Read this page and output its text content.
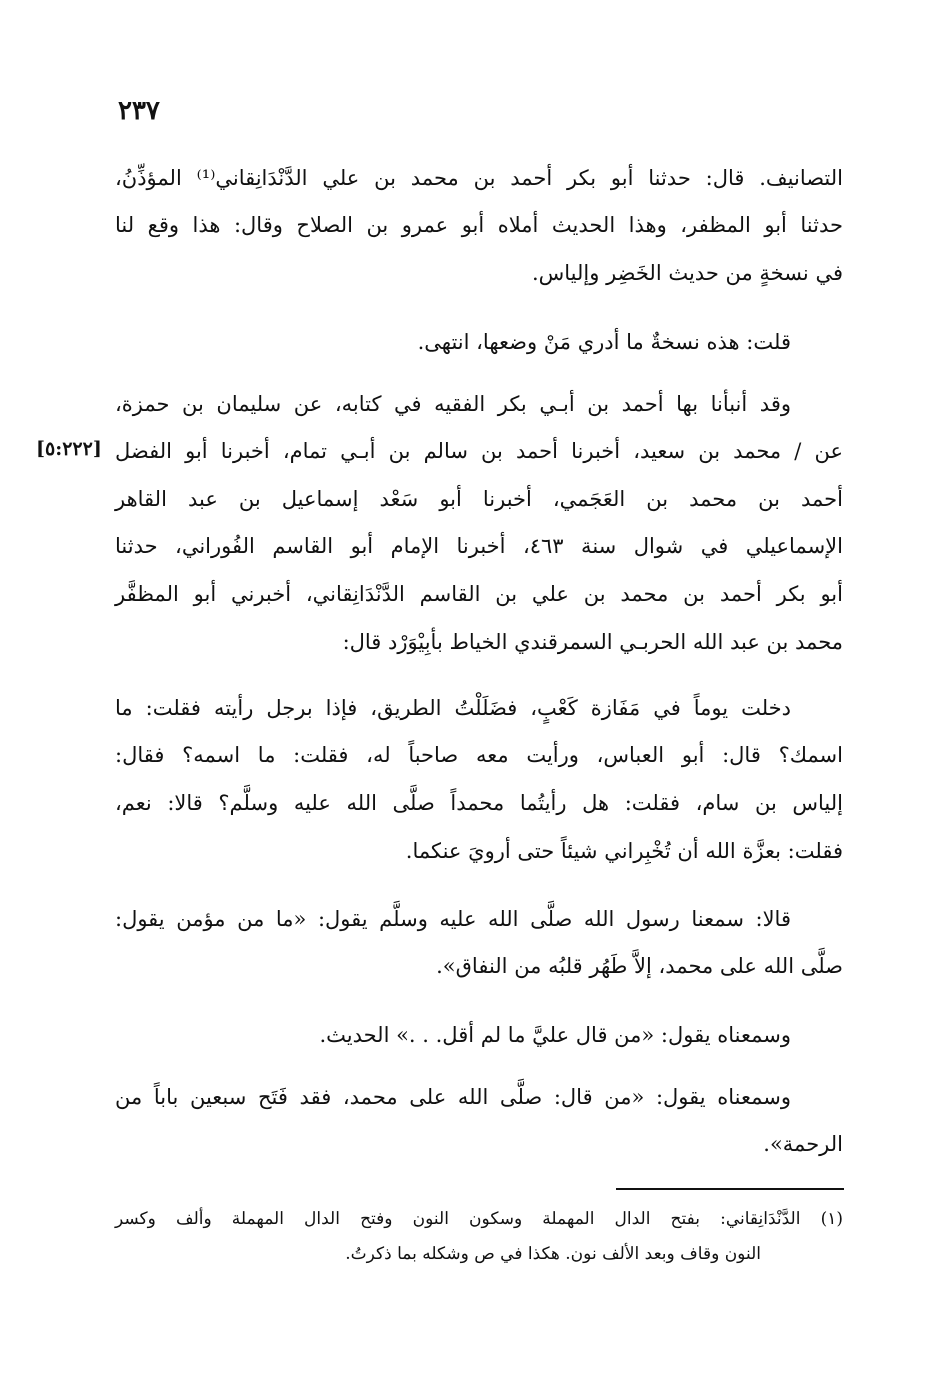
٢٣٧
[٥:٢٢٢]
التصانيف. قال: حدثنا أبو بكر أحمد بن محمد بن علي الدَّنْدَانِقاني⁽¹⁾ المؤذِّنُ،
حدثنا أبو المظفر، وهذا الحديث أملاه أبو عمرو بن الصلاح وقال: هذا وقع لنا
في نسخةٍ من حديث الخَضِر وإلياس.
قلت: هذه نسخةٌ ما أدري مَنْ وضعها، انتهى.
وقد أنبأنا بها أحمد بن أبـي بكر الفقيه في كتابه، عن سليمان بن حمزة،
عن / محمد بن سعيد، أخبرنا أحمد بن سالم بن أبـي تمام، أخبرنا أبو الفضل
أحمد بن محمد بن العَجَمي، أخبرنا أبو سَعْد إسماعيل بن عبد القاهر
الإسماعيلي في شوال سنة ٤٦٣، أخبرنا الإمام أبو القاسم الفُوراني، حدثنا
أبو بكر أحمد بن محمد بن علي بن القاسم الدَّنْدَانِقاني، أخبرني أبو المظفَّر
محمد بن عبد الله الحربـي السمرقندي الخياط بأبِيْوَرْد قال:
دخلت يوماً في مَفَازة كَعْبٍ، فضَلَلْتُ الطريق، فإذا برجل رأيته فقلت: ما
اسمك؟ قال: أبو العباس، ورأيت معه صاحباً له، فقلت: ما اسمه؟ فقال:
إلياس بن سام، فقلت: هل رأيتُما محمداً صلَّى الله عليه وسلَّم؟ قالا: نعم،
فقلت: بعزَّة الله أن تُخْبِراني شيئاً حتى أرويَ عنكما.
قالا: سمعنا رسول الله صلَّى الله عليه وسلَّم يقول: «ما من مؤمن يقول:
صلَّى الله على محمد، إلاَّ طَهُر قلبُه من النفاق».
وسمعناه يقول: «من قال عليَّ ما لم أقل. . .» الحديث.
وسمعناه يقول: «من قال: صلَّى الله على محمد، فقد فَتَح سبعين باباً من
الرحمة».
(١) الدَّنْدَانِقاني: بفتح الدال المهملة وسكون النون وفتح الدال المهملة وألف وكسر
النون وقاف وبعد الألف نون. هكذا في ص وشكله بما ذكرتُ.
